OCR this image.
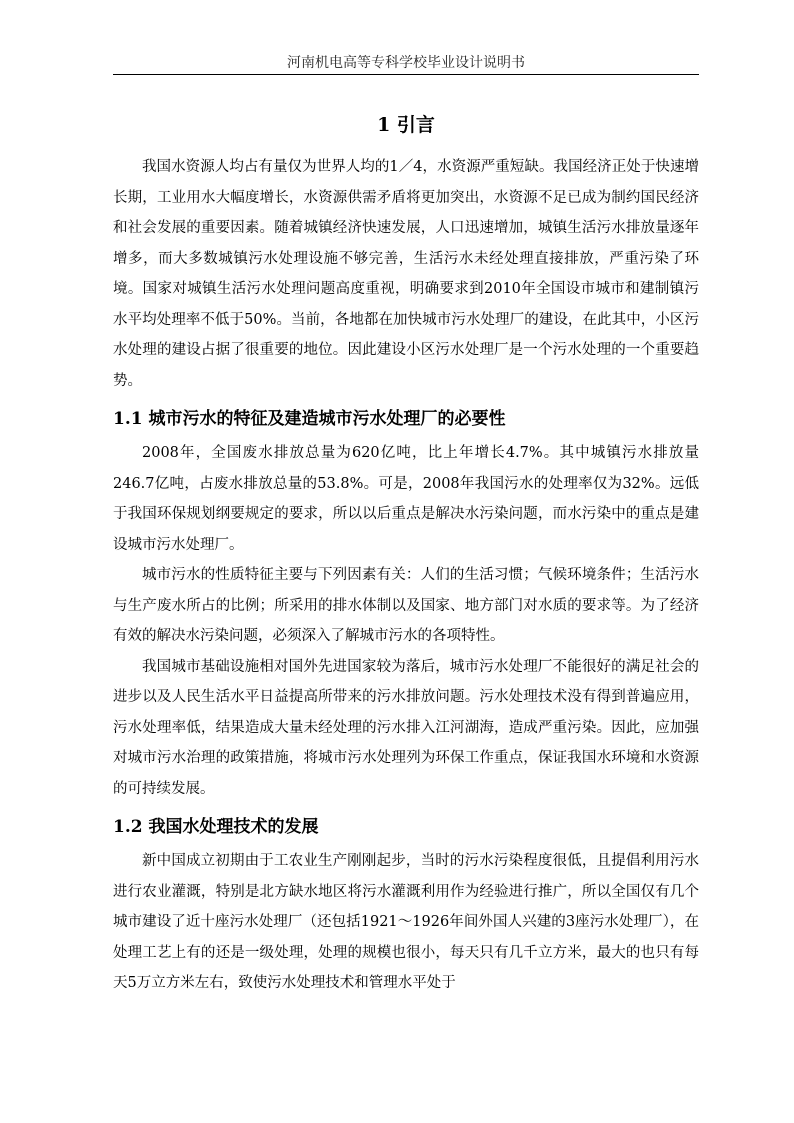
河南机电高等专科学校毕业设计说明书
1 引言

我国水资源人均占有量仅为世界人均的1／4，水资源严重短缺。我国经济正处于快速增长期，工业用水大幅度增长，水资源供需矛盾将更加突出，水资源不足已成为制约国民经济和社会发展的重要因素。随着城镇经济快速发展，人口迅速增加，城镇生活污水排放量逐年增多，而大多数城镇污水处理设施不够完善，生活污水未经处理直接排放，严重污染了环境。国家对城镇生活污水处理问题高度重视，明确要求到2010年全国设市城市和建制镇污水平均处理率不低于50%。当前，各地都在加快城市污水处理厂的建设，在此其中，小区污水处理的建设占据了很重要的地位。因此建设小区污水处理厂是一个污水处理的一个重要趋势。

1.1 城市污水的特征及建造城市污水处理厂的必要性

2008年，全国废水排放总量为620亿吨，比上年增长4.7%。其中城镇污水排放量246.7亿吨，占废水排放总量的53.8%。可是，2008年我国污水的处理率仅为32%。远低于我国环保规划纲要规定的要求，所以以后重点是解决水污染问题，而水污染中的重点是建设城市污水处理厂。

城市污水的性质特征主要与下列因素有关：人们的生活习惯；气候环境条件；生活污水与生产废水所占的比例；所采用的排水体制以及国家、地方部门对水质的要求等。为了经济有效的解决水污染问题，必须深入了解城市污水的各项特性。

我国城市基础设施相对国外先进国家较为落后，城市污水处理厂不能很好的满足社会的进步以及人民生活水平日益提高所带来的污水排放问题。污水处理技术没有得到普遍应用，污水处理率低，结果造成大量未经处理的污水排入江河湖海，造成严重污染。因此，应加强对城市污水治理的政策措施，将城市污水处理列为环保工作重点，保证我国水环境和水资源的可持续发展。

1.2 我国水处理技术的发展

新中国成立初期由于工农业生产刚刚起步，当时的污水污染程度很低，且提倡利用污水进行农业灌溉，特别是北方缺水地区将污水灌溉利用作为经验进行推广，所以全国仅有几个城市建设了近十座污水处理厂（还包括1921～1926年间外国人兴建的3座污水处理厂），在处理工艺上有的还是一级处理，处理的规模也很小，每天只有几千立方米，最大的也只有每天5万立方米左右，致使污水处理技术和管理水平处于
